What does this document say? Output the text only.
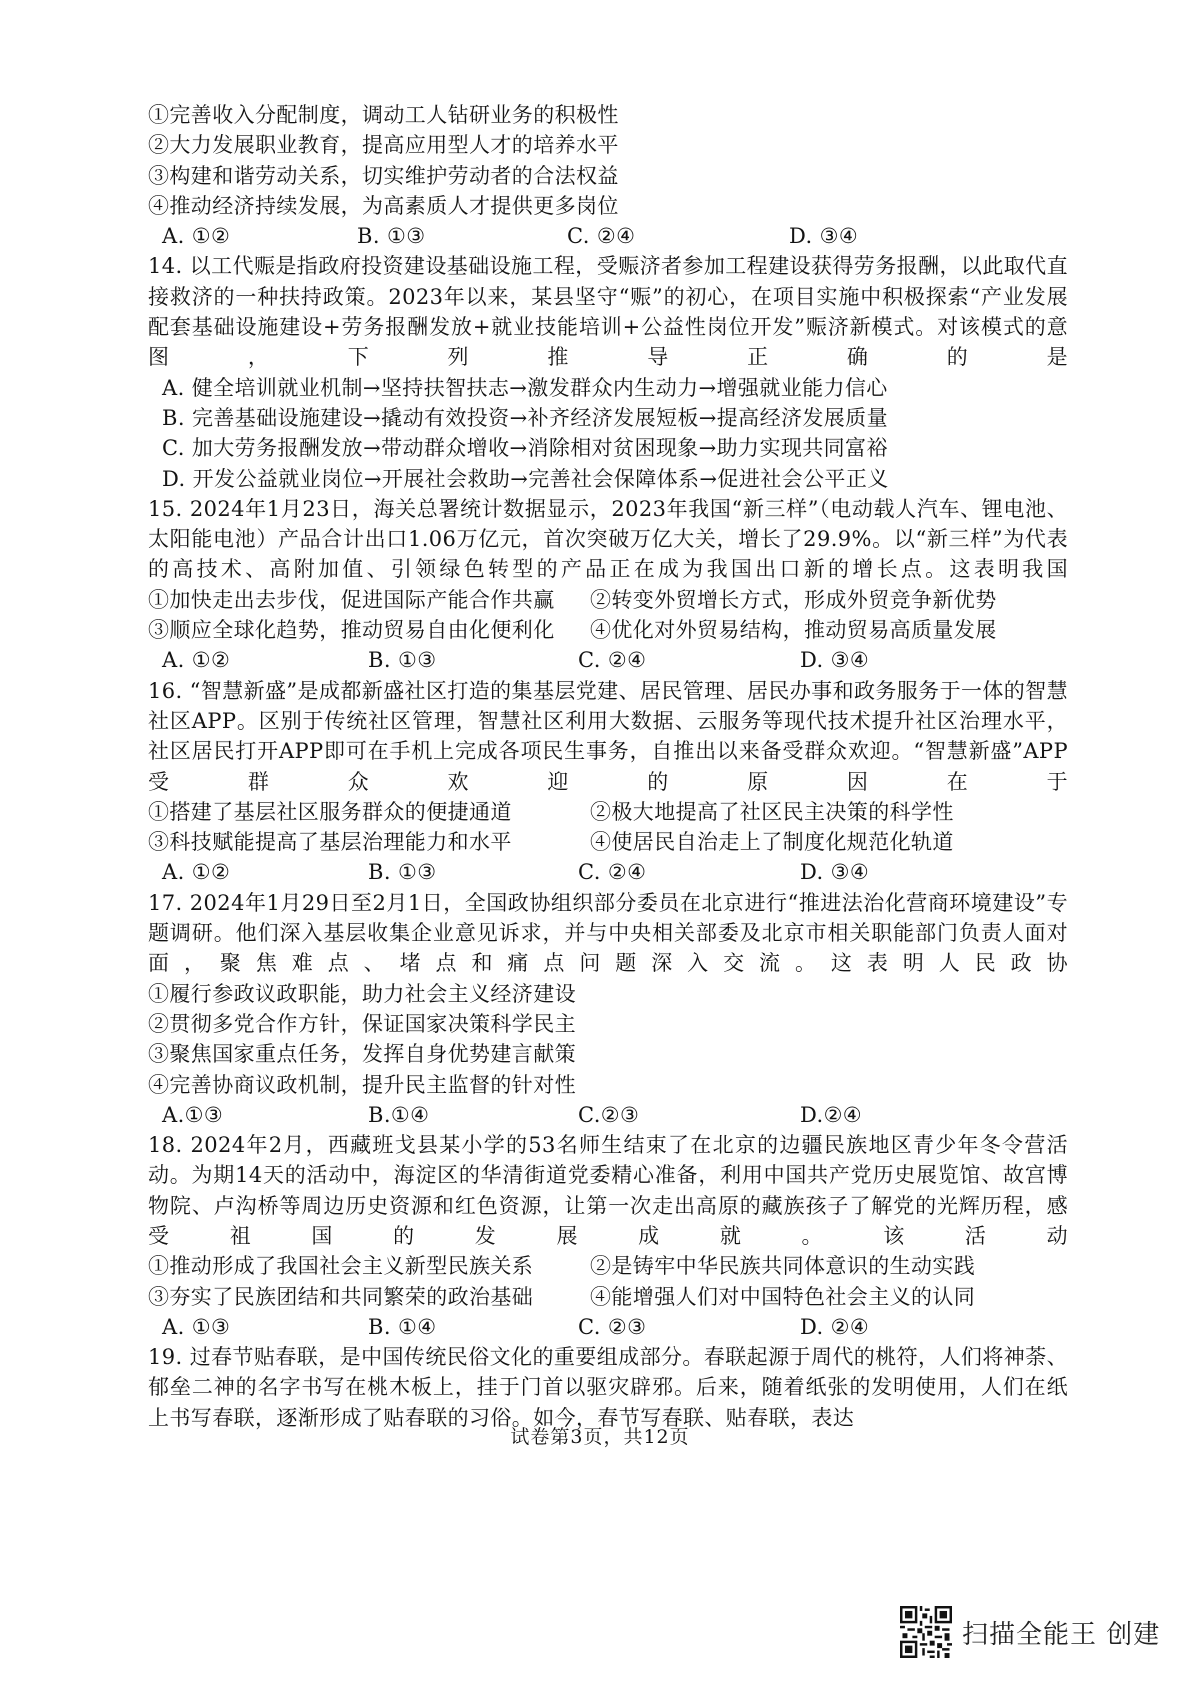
①完善收入分配制度，调动工人钻研业务的积极性
②大力发展职业教育，提高应用型人才的培养水平
③构建和谐劳动关系，切实维护劳动者的合法权益
④推动经济持续发展，为高素质人才提供更多岗位
A. ①②	B. ①③	C. ②④	D. ③④
14. 以工代赈是指政府投资建设基础设施工程，受赈济者参加工程建设获得劳务报酬，以此取代直接救济的一种扶持政策。2023年以来，某县坚守“赈”的初心，在项目实施中积极探索“产业发展配套基础设施建设+劳务报酬发放+就业技能培训+公益性岗位开发”赈济新模式。对该模式的意图，下列推导正确的是
A. 健全培训就业机制→坚持扶智扶志→激发群众内生动力→增强就业能力信心
B. 完善基础设施建设→撬动有效投资→补齐经济发展短板→提高经济发展质量
C. 加大劳务报酬发放→带动群众增收→消除相对贫困现象→助力实现共同富裕
D. 开发公益就业岗位→开展社会救助→完善社会保障体系→促进社会公平正义
15. 2024年1月23日，海关总署统计数据显示，2023年我国“新三样”（电动载人汽车、锂电池、太阳能电池）产品合计出口1.06万亿元，首次突破万亿大关，增长了29.9%。以“新三样”为代表的高技术、高附加值、引领绿色转型的产品正在成为我国出口新的增长点。这表明我国
①加快走出去步伐，促进国际产能合作共赢	②转变外贸增长方式，形成外贸竞争新优势
③顺应全球化趋势，推动贸易自由化便利化	④优化对外贸易结构，推动贸易高质量发展
A. ①②	B. ①③	C. ②④	D. ③④
16. “智慧新盛”是成都新盛社区打造的集基层党建、居民管理、居民办事和政务服务于一体的智慧社区APP。区别于传统社区管理，智慧社区利用大数据、云服务等现代技术提升社区治理水平，社区居民打开APP即可在手机上完成各项民生事务，自推出以来备受群众欢迎。“智慧新盛”APP受群众欢迎的原因在于
①搭建了基层社区服务群众的便捷通道	②极大地提高了社区民主决策的科学性
③科技赋能提高了基层治理能力和水平	④使居民自治走上了制度化规范化轨道
A. ①②	B. ①③	C. ②④	D. ③④
17. 2024年1月29日至2月1日，全国政协组织部分委员在北京进行“推进法治化营商环境建设”专题调研。他们深入基层收集企业意见诉求，并与中央相关部委及北京市相关职能部门负责人面对面，聚焦难点、堵点和痛点问题深入交流。这表明人民政协
①履行参政议政职能，助力社会主义经济建设
②贯彻多党合作方针，保证国家决策科学民主
③聚焦国家重点任务，发挥自身优势建言献策
④完善协商议政机制，提升民主监督的针对性
A.①③	B.①④	C.②③	D.②④
18. 2024年2月，西藏班戈县某小学的53名师生结束了在北京的边疆民族地区青少年冬令营活动。为期14天的活动中，海淀区的华清街道党委精心准备，利用中国共产党历史展览馆、故宫博物院、卢沟桥等周边历史资源和红色资源，让第一次走出高原的藏族孩子了解党的光辉历程，感受祖国的发展成就。该活动
①推动形成了我国社会主义新型民族关系	②是铸牢中华民族共同体意识的生动实践
③夯实了民族团结和共同繁荣的政治基础	④能增强人们对中国特色社会主义的认同
A. ①③	B. ①④	C. ②③	D. ②④
19. 过春节贴春联，是中国传统民俗文化的重要组成部分。春联起源于周代的桃符，人们将神荼、郁垒二神的名字书写在桃木板上，挂于门首以驱灾辟邪。后来，随着纸张的发明使用，人们在纸上书写春联，逐渐形成了贴春联的习俗。如今，春节写春联、贴春联，表达
试卷第3页，共12页
扫描全能王 创建
